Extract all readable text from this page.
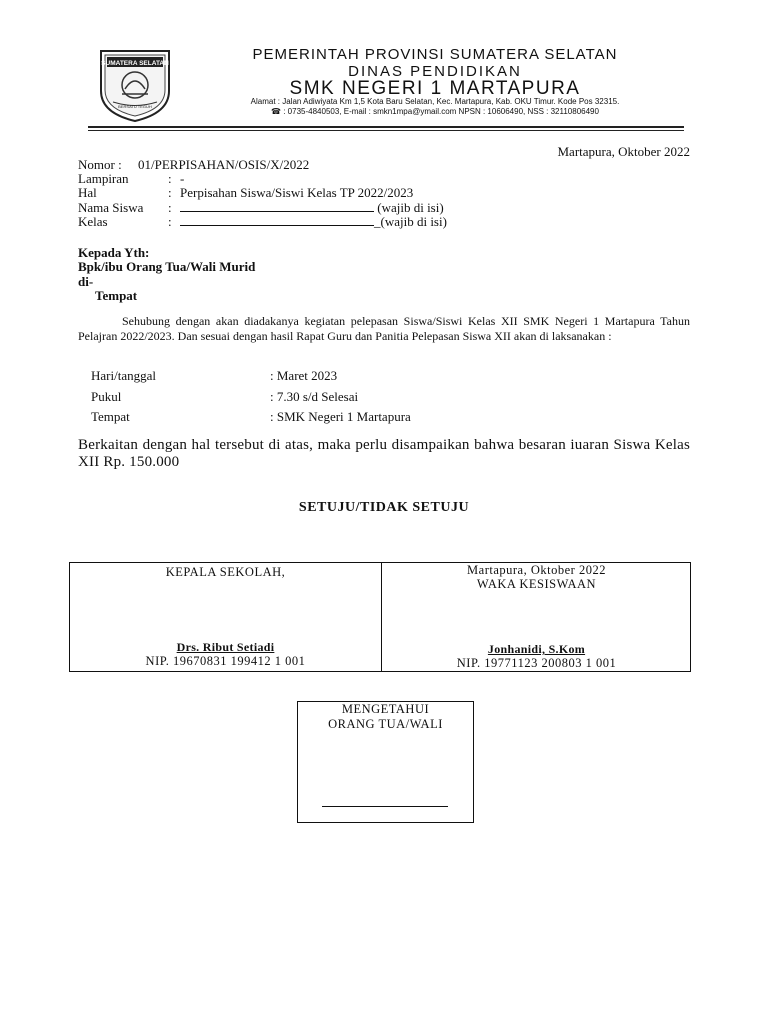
SUMATERA SELATAN
BERSATU TEGUH
PEMERINTAH PROVINSI SUMATERA SELATAN
DINAS PENDIDIKAN
SMK NEGERI 1 MARTAPURA
Alamat : Jalan Adiwiyata Km 1,5 Kota Baru Selatan, Kec. Martapura, Kab. OKU Timur. Kode Pos 32315.
☎ : 0735-4840503, E-mail : smkn1mpa@ymail.com NPSN : 10606490, NSS : 32110806490
Martapura, Oktober 2022
Nomor : 01/PERPISAHAN/OSIS/X/2022
Lampiran	: -
Hal	: Perpisahan Siswa/Siswi Kelas TP 2022/2023
Nama Siswa :	(wajib di isi)
Kelas	:	_(wajib di isi)
Kepada Yth:
Bpk/ibu Orang Tua/Wali Murid
di-
Tempat
Sehubung dengan akan diadakanya kegiatan pelepasan Siswa/Siswi Kelas XII SMK Negeri 1 Martapura Tahun Pelajran 2022/2023. Dan sesuai dengan hasil Rapat Guru dan Panitia Pelepasan Siswa XII akan di laksanakan :
Hari/tanggal	: Maret 2023
Pukul	: 7.30 s/d Selesai
Tempat	: SMK Negeri 1 Martapura
Berkaitan dengan hal tersebut di atas, maka perlu disampaikan bahwa besaran iuaran Siswa Kelas XII Rp. 150.000
SETUJU/TIDAK SETUJU
KEPALA SEKOLAH,
Drs. Ribut Setiadi
NIP. 19670831 199412 1 001
Martapura, Oktober 2022
WAKA KESISWAAN
Jonhanidi, S.Kom
NIP. 19771123 200803 1 001
MENGETAHUI
ORANG TUA/WALI
